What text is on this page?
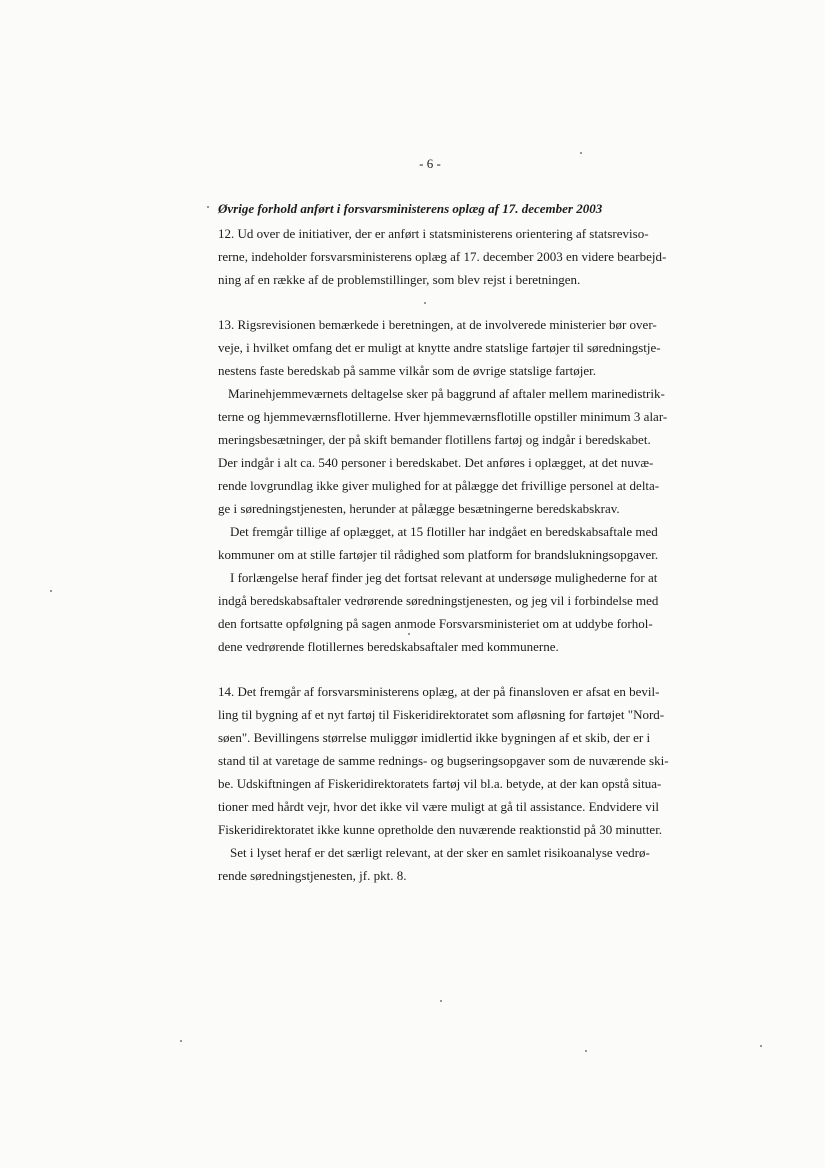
- 6 -
Øvrige forhold anført i forsvarsministerens oplæg af 17. december 2003
12. Ud over de initiativer, der er anført i statsministerens orientering af statsreviso-
rerne, indeholder forsvarsministerens oplæg af 17. december 2003 en videre bearbejd-
ning af en række af de problemstillinger, som blev rejst i beretningen.
13. Rigsrevisionen bemærkede i beretningen, at de involverede ministerier bør over-
veje, i hvilket omfang det er muligt at knytte andre statslige fartøjer til søredningstje-
nestens faste beredskab på samme vilkår som de øvrige statslige fartøjer.
Marinehjemmeværnets deltagelse sker på baggrund af aftaler mellem marinedistrik-
terne og hjemmeværnsflotillerne. Hver hjemmeværnsflotille opstiller minimum 3 alar-
meringsbesætninger, der på skift bemander flotillens fartøj og indgår i beredskabet.
Der indgår i alt ca. 540 personer i beredskabet. Det anføres i oplægget, at det nuvæ-
rende lovgrundlag ikke giver mulighed for at pålægge det frivillige personel at delta-
ge i søredningstjenesten, herunder at pålægge besætningerne beredskabskrav.
Det fremgår tillige af oplægget, at 15 flotiller har indgået en beredskabsaftale med
kommuner om at stille fartøjer til rådighed som platform for brandslukningsopgaver.
I forlængelse heraf finder jeg det fortsat relevant at undersøge mulighederne for at
indgå beredskabsaftaler vedrørende søredningstjenesten, og jeg vil i forbindelse med
den fortsatte opfølgning på sagen anmode Forsvarsministeriet om at uddybe forhol-
dene vedrørende flotillernes beredskabsaftaler med kommunerne.
14. Det fremgår af forsvarsministerens oplæg, at der på finansloven er afsat en bevil-
ling til bygning af et nyt fartøj til Fiskeridirektoratet som afløsning for fartøjet "Nord-
søen". Bevillingens størrelse muliggør imidlertid ikke bygningen af et skib, der er i
stand til at varetage de samme rednings- og bugseringsopgaver som de nuværende ski-
be. Udskiftningen af Fiskeridirektoratets fartøj vil bl.a. betyde, at der kan opstå situa-
tioner med hårdt vejr, hvor det ikke vil være muligt at gå til assistance. Endvidere vil
Fiskeridirektoratet ikke kunne opretholde den nuværende reaktionstid på 30 minutter.
Set i lyset heraf er det særligt relevant, at der sker en samlet risikoanalyse vedrø-
rende søredningstjenesten, jf. pkt. 8.
